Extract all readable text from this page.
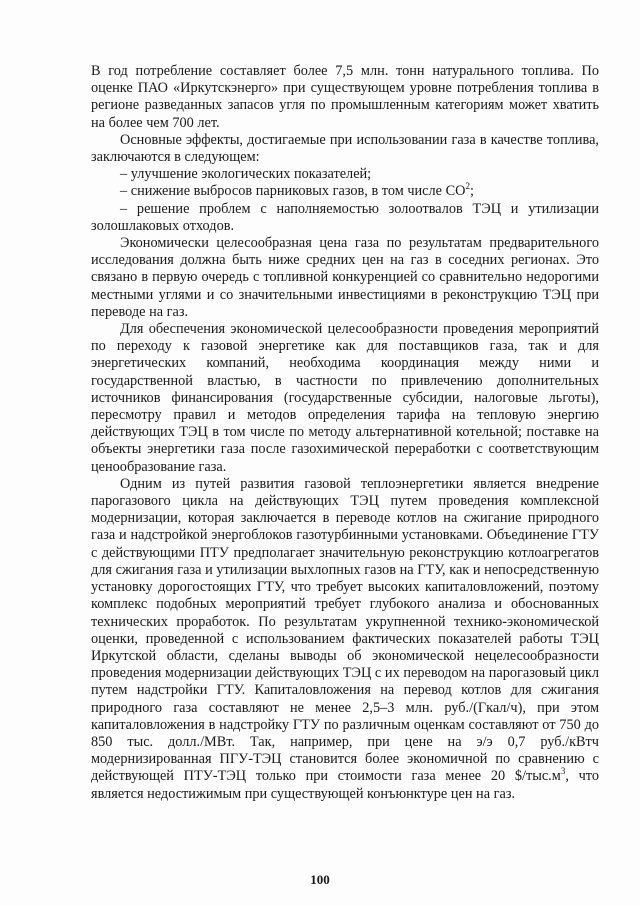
В год потребление составляет более 7,5 млн. тонн натурального топлива. По оценке ПАО «Иркутскэнерго» при существующем уровне потребления топлива в регионе разведанных запасов угля по промышленным категориям может хватить на более чем 700 лет.

Основные эффекты, достигаемые при использовании газа в качестве топлива, заключаются в следующем:

– улучшение экологических показателей;

– снижение выбросов парниковых газов, в том числе $СО^2$;

– решение проблем с наполняемостью золоотвалов ТЭЦ и утилизации золошлаковых отходов.

Экономически целесообразная цена газа по результатам предварительного исследования должна быть ниже средних цен на газ в соседних регионах. Это связано в первую очередь с топливной конкуренцией со сравнительно недорогими местными углями и со значительными инвестициями в реконструкцию ТЭЦ при переводе на газ.

Для обеспечения экономической целесообразности проведения мероприятий по переходу к газовой энергетике как для поставщиков газа, так и для энергетических компаний, необходима координация между ними и государственной властью, в частности по привлечению дополнительных источников финансирования (государственные субсидии, налоговые льготы), пересмотру правил и методов определения тарифа на тепловую энергию действующих ТЭЦ в том числе по методу альтернативной котельной; поставке на объекты энергетики газа после газохимической переработки с соответствующим ценообразование газа.

Одним из путей развития газовой теплоэнергетики является внедрение парогазового цикла на действующих ТЭЦ путем проведения комплексной модернизации, которая заключается в переводе котлов на сжигание природного газа и надстройкой энергоблоков газотурбинными установками. Объединение ГТУ с действующими ПТУ предполагает значительную реконструкцию котлоагрегатов для сжигания газа и утилизации выхлопных газов на ГТУ, как и непосредственную установку дорогостоящих ГТУ, что требует высоких капиталовложений, поэтому комплекс подобных мероприятий требует глубокого анализа и обоснованных технических проработок. По результатам укрупненной технико-экономической оценки, проведенной с использованием фактических показателей работы ТЭЦ Иркутской области, сделаны выводы об экономической нецелесообразности проведения модернизации действующих ТЭЦ с их переводом на парогазовый цикл путем надстройки ГТУ. Капиталовложения на перевод котлов для сжигания природного газа составляют не менее 2,5–3 млн. руб./(Гкал/ч), при этом капиталовложения в надстройку ГТУ по различным оценкам составляют от 750 до 850 тыс. долл./МВт. Так, например, при цене на э/э 0,7 руб./кВтч модернизированная ПГУ-ТЭЦ становится более экономичной по сравнению с действующей ПТУ-ТЭЦ только при стоимости газа менее 20 $\$/тыс.м^3$, что является недостижимым при существующей конъюнктуре цен на газ.

100
